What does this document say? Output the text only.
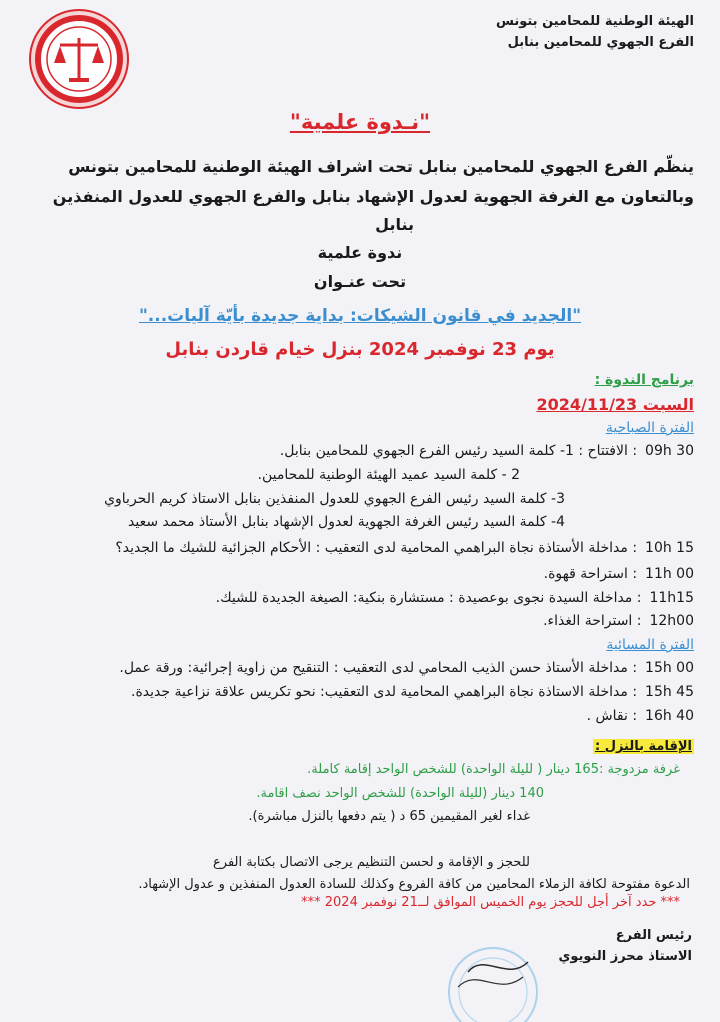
الهيئة الوطنية للمحامين بتونس
الفرع الجهوي للمحامين بنابل
"نـدوة علمية"
ينظّم الفرع الجهوي للمحامين بنابل تحت اشراف الهيئة الوطنية للمحامين بتونس
وبالتعاون مع الغرفة الجهوية لعدول الإشهاد بنابل والفرع الجهوي للعدول المنفذين
بنابل
ندوة علمية
تحت عنـوان
"الجديد في قانون الشيكات: بداية جديدة بأيّة آليات..."
يوم 23 نوفمبر 2024 بنزل خيام قاردن بنابل
برنامج الندوة :
السبت 2024/11/23
الفترة الصباحية
09h 30
: الافتتاح : 1- كلمة السيد رئيس الفرع الجهوي للمحامين بنابل.
2 - كلمة السيد عميد الهيئة الوطنية للمحامين.
3- كلمة السيد رئيس الفرع الجهوي للعدول المنفذين بنابل الاستاذ كريم الحرباوي
4- كلمة السيد رئيس الغرفة الجهوية لعدول الإشهاد بنابل الأستاذ محمد سعيد
10h 15
: مداخلة الأستاذة نجاة البراهمي المحامية لدى التعقيب : الأحكام الجزائية للشيك ما الجديد؟
11h 00
: استراحة قهوة.
11h15
: مداخلة السيدة نجوى بوعصيدة : مستشارة بنكية: الصيغة الجديدة للشيك.
12h00
: استراحة الغذاء.
الفترة المسائية
15h 00
: مداخلة الأستاذ حسن الذيب المحامي لدى التعقيب : التنقيح من زاوية إجرائية: ورقة عمل.
15h 45
: مداخلة الاستاذة نجاة البراهمي المحامية لدى التعقيب: نحو تكريس علاقة نزاعية جديدة.
16h 40
: نقاش .
الإقامة بالنزل :
غرفة مزدوجة :165 دينار ( لليلة الواحدة) للشخص الواحد إقامة كاملة.
140 دينار (لليلة الواحدة) للشخص الواحد نصف اقامة.
غداء لغير المقيمين 65 د ( يتم دفعها بالنزل مباشرة).
للحجز و الإقامة و لحسن التنظيم يرجى الاتصال بكتابة الفرع
الدعوة مفتوحة لكافة الزملاء المحامين من كافة الفروع وكذلك للسادة العدول المنفذين و عدول الإشهاد.
*** حدد آخر أجل للحجز يوم الخميس الموافق لــ21 نوفمبر 2024 ***
رئيس الفرع
الاستاذ محرز النويوي
